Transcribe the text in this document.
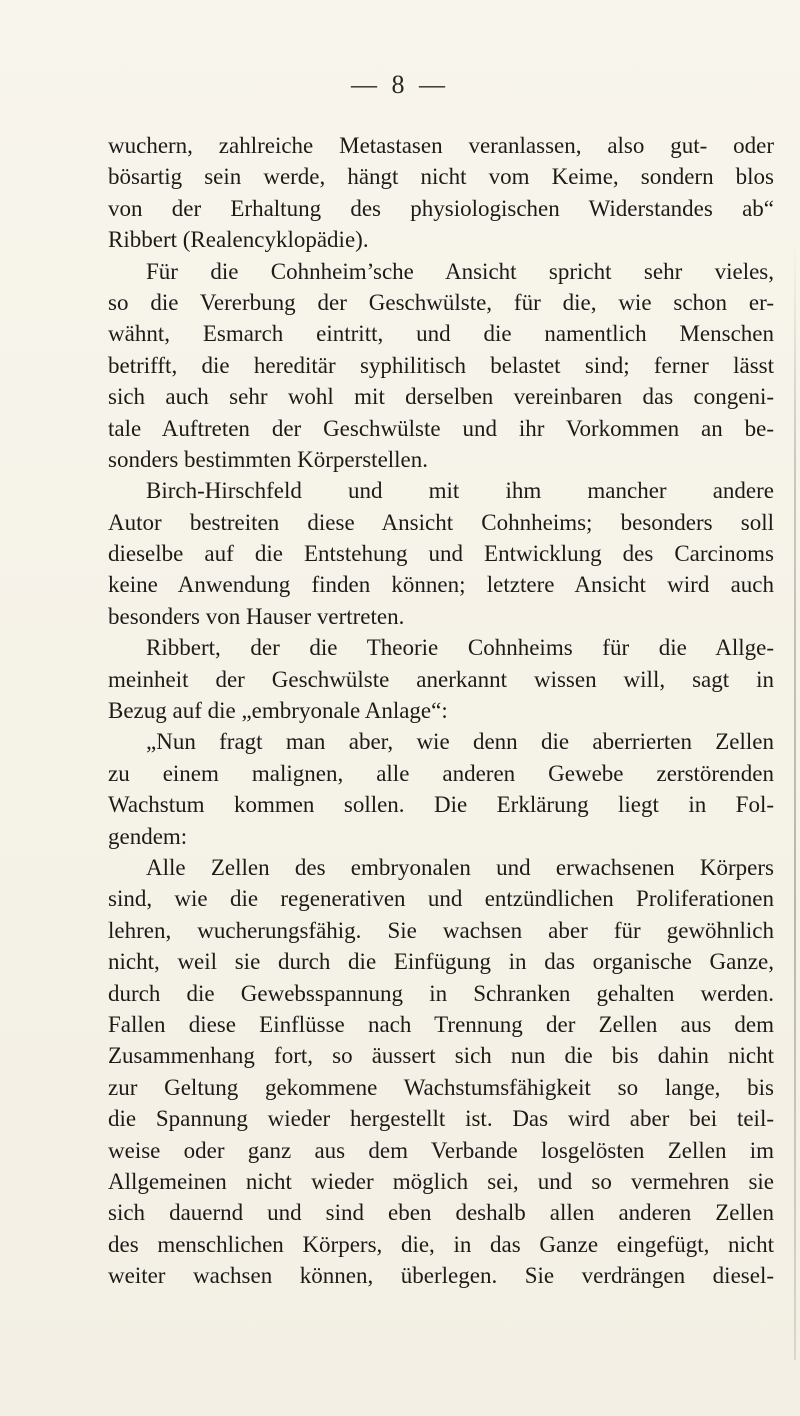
— 8 —
wuchern, zahlreiche Metastasen veranlassen, also gut- oder
bösartig sein werde, hängt nicht vom Keime, sondern blos
von der Erhaltung des physiologischen Widerstandes ab“
Ribbert (Realencyklopädie).
Für die Cohnheim’sche Ansicht spricht sehr vieles,
so die Vererbung der Geschwülste, für die, wie schon er-
wähnt, Esmarch eintritt, und die namentlich Menschen
betrifft, die hereditär syphilitisch belastet sind; ferner lässt
sich auch sehr wohl mit derselben vereinbaren das congeni-
tale Auftreten der Geschwülste und ihr Vorkommen an be-
sonders bestimmten Körperstellen.
Birch-Hirschfeld und mit ihm mancher andere
Autor bestreiten diese Ansicht Cohnheims; besonders soll
dieselbe auf die Entstehung und Entwicklung des Carcinoms
keine Anwendung finden können; letztere Ansicht wird auch
besonders von Hauser vertreten.
Ribbert, der die Theorie Cohnheims für die Allge-
meinheit der Geschwülste anerkannt wissen will, sagt in
Bezug auf die „embryonale Anlage“:
„Nun fragt man aber, wie denn die aberrierten Zellen
zu einem malignen, alle anderen Gewebe zerstörenden
Wachstum kommen sollen. Die Erklärung liegt in Fol-
gendem:
Alle Zellen des embryonalen und erwachsenen Körpers
sind, wie die regenerativen und entzündlichen Proliferationen
lehren, wucherungsfähig. Sie wachsen aber für gewöhnlich
nicht, weil sie durch die Einfügung in das organische Ganze,
durch die Gewebsspannung in Schranken gehalten werden.
Fallen diese Einflüsse nach Trennung der Zellen aus dem
Zusammenhang fort, so äussert sich nun die bis dahin nicht
zur Geltung gekommene Wachstumsfähigkeit so lange, bis
die Spannung wieder hergestellt ist. Das wird aber bei teil-
weise oder ganz aus dem Verbande losgelösten Zellen im
Allgemeinen nicht wieder möglich sei, und so vermehren sie
sich dauernd und sind eben deshalb allen anderen Zellen
des menschlichen Körpers, die, in das Ganze eingefügt, nicht
weiter wachsen können, überlegen. Sie verdrängen diesel-
